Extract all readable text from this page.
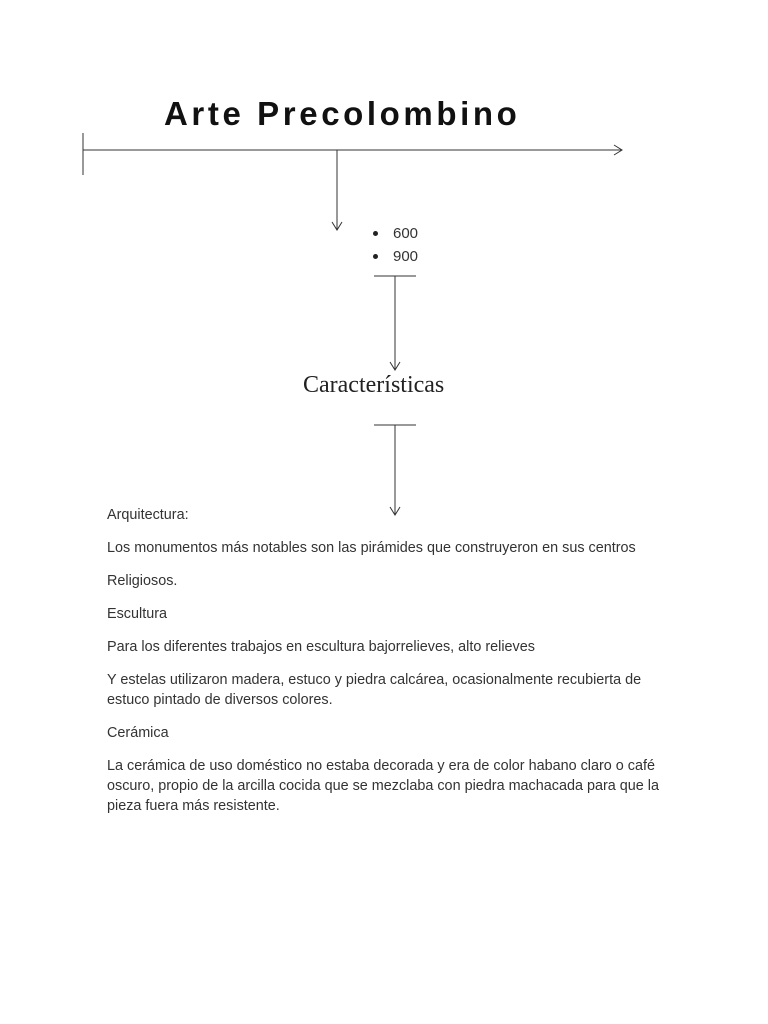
Arte Precolombino
600
900
Características

Arquitectura:

Los monumentos más notables son las pirámides que construyeron en sus centros

Religiosos.

Escultura

Para los diferentes trabajos en escultura bajorrelieves, alto relieves

Y estelas utilizaron madera, estuco y piedra calcárea, ocasionalmente recubierta de estuco pintado de diversos colores.

Cerámica

La cerámica de uso doméstico no estaba decorada y era de color habano claro o café oscuro, propio de la arcilla cocida que se mezclaba con piedra machacada para que la pieza fuera más resistente.
